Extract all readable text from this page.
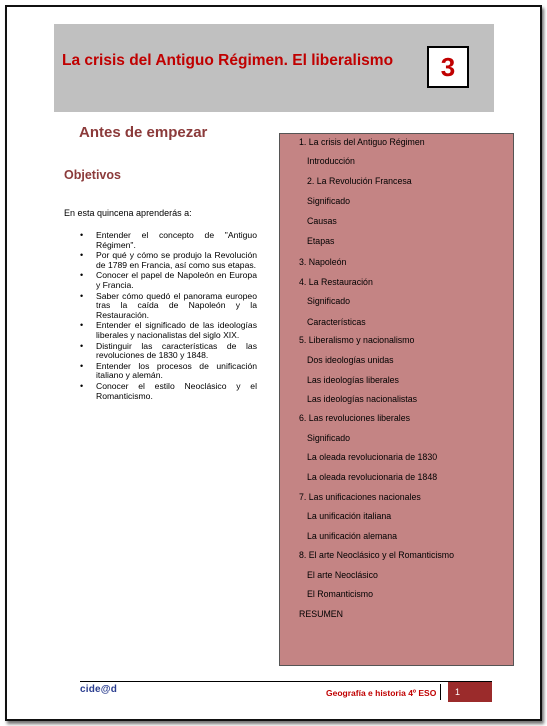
La crisis del Antiguo Régimen. El liberalismo	3
Antes de empezar
Objetivos
En esta quincena aprenderás a:
• Entender el concepto de "Antiguo Régimen".
• Por qué y cómo se produjo la Revolución de 1789 en Francia, así como sus etapas.
• Conocer el papel de Napoleón en Europa y Francia.
• Saber cómo quedó el panorama europeo tras la caída de Napoleón y la Restauración.
• Entender el significado de las ideologías liberales y nacionalistas del siglo XIX.
• Distinguir las características de las revoluciones de 1830 y 1848.
• Entender los procesos de unificación italiano y alemán.
• Conocer el estilo Neoclásico y el Romanticismo.
1. La crisis del Antiguo Régimen
Introducción
2. La Revolución Francesa
Significado
Causas
Etapas
3. Napoleón
4. La Restauración
Significado
Características
5. Liberalismo y nacionalismo
Dos ideologías unidas
Las ideologías liberales
Las ideologías nacionalistas
6. Las revoluciones liberales
Significado
La oleada revolucionaria de 1830
La oleada revolucionaria de 1848
7. Las unificaciones nacionales
La unificación italiana
La unificación alemana
8. El arte Neoclásico y el Romanticismo
El arte Neoclásico
El Romanticismo
RESUMEN
cide@d	Geografía e historia 4º ESO 1
